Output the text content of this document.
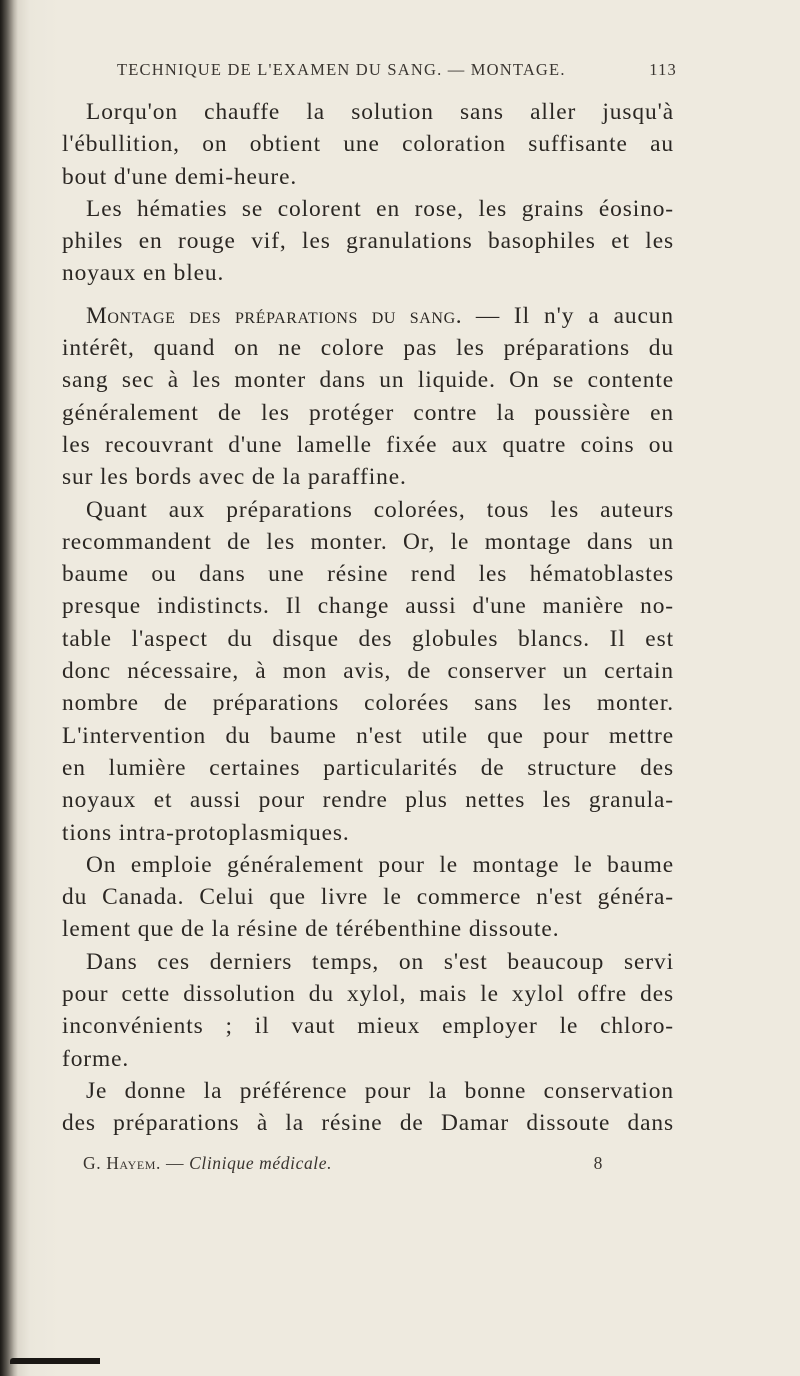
TECHNIQUE DE L'EXAMEN DU SANG. — MONTAGE.	113
Lorqu'on chauffe la solution sans aller jusqu'à
l'ébullition, on obtient une coloration suffisante au
bout d'une demi-heure.
Les hématies se colorent en rose, les grains éosino-
philes en rouge vif, les granulations basophiles et les
noyaux en bleu.
Montage des préparations du sang. — Il n'y a aucun
intérêt, quand on ne colore pas les préparations du
sang sec à les monter dans un liquide. On se contente
généralement de les protéger contre la poussière en
les recouvrant d'une lamelle fixée aux quatre coins ou
sur les bords avec de la paraffine.
Quant aux préparations colorées, tous les auteurs
recommandent de les monter. Or, le montage dans un
baume ou dans une résine rend les hématoblastes
presque indistincts. Il change aussi d'une manière no-
table l'aspect du disque des globules blancs. Il est
donc nécessaire, à mon avis, de conserver un certain
nombre de préparations colorées sans les monter.
L'intervention du baume n'est utile que pour mettre
en lumière certaines particularités de structure des
noyaux et aussi pour rendre plus nettes les granula-
tions intra-protoplasmiques.
On emploie généralement pour le montage le baume
du Canada. Celui que livre le commerce n'est généra-
lement que de la résine de térébenthine dissoute.
Dans ces derniers temps, on s'est beaucoup servi
pour cette dissolution du xylol, mais le xylol offre des
inconvénients ; il vaut mieux employer le chloro-
forme.
Je donne la préférence pour la bonne conservation
des préparations à la résine de Damar dissoute dans
G. Hayem. — Clinique médicale.	8
